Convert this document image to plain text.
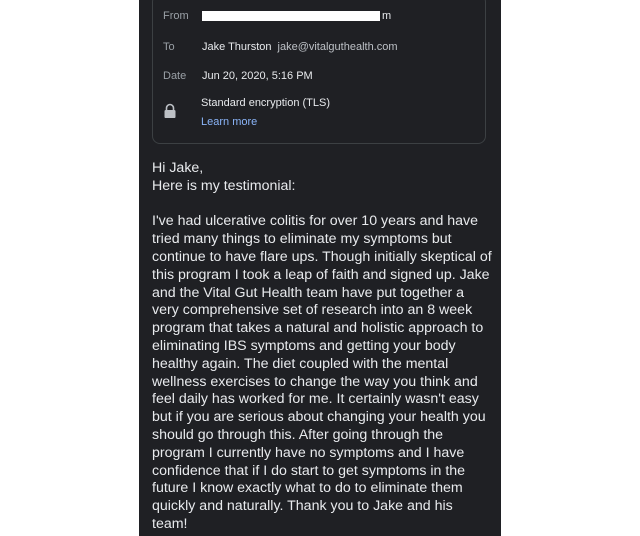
From	m
To	Jake Thurston jake@vitalguthealth.com
Date	Jun 20, 2020, 5:16 PM
Standard encryption (TLS)
Learn more
Hi Jake,
Here is my testimonial:

I've had ulcerative colitis for over 10 years and have tried many things to eliminate my symptoms but continue to have flare ups. Though initially skeptical of this program I took a leap of faith and signed up. Jake and the Vital Gut Health team have put together a very comprehensive set of research into an 8 week program that takes a natural and holistic approach to eliminating IBS symptoms and getting your body healthy again. The diet coupled with the mental wellness exercises to change the way you think and feel daily has worked for me. It certainly wasn't easy but if you are serious about changing your health you should go through this. After going through the program I currently have no symptoms and I have confidence that if I do start to get symptoms in the future I know exactly what to do to eliminate them quickly and naturally. Thank you to Jake and his team!
